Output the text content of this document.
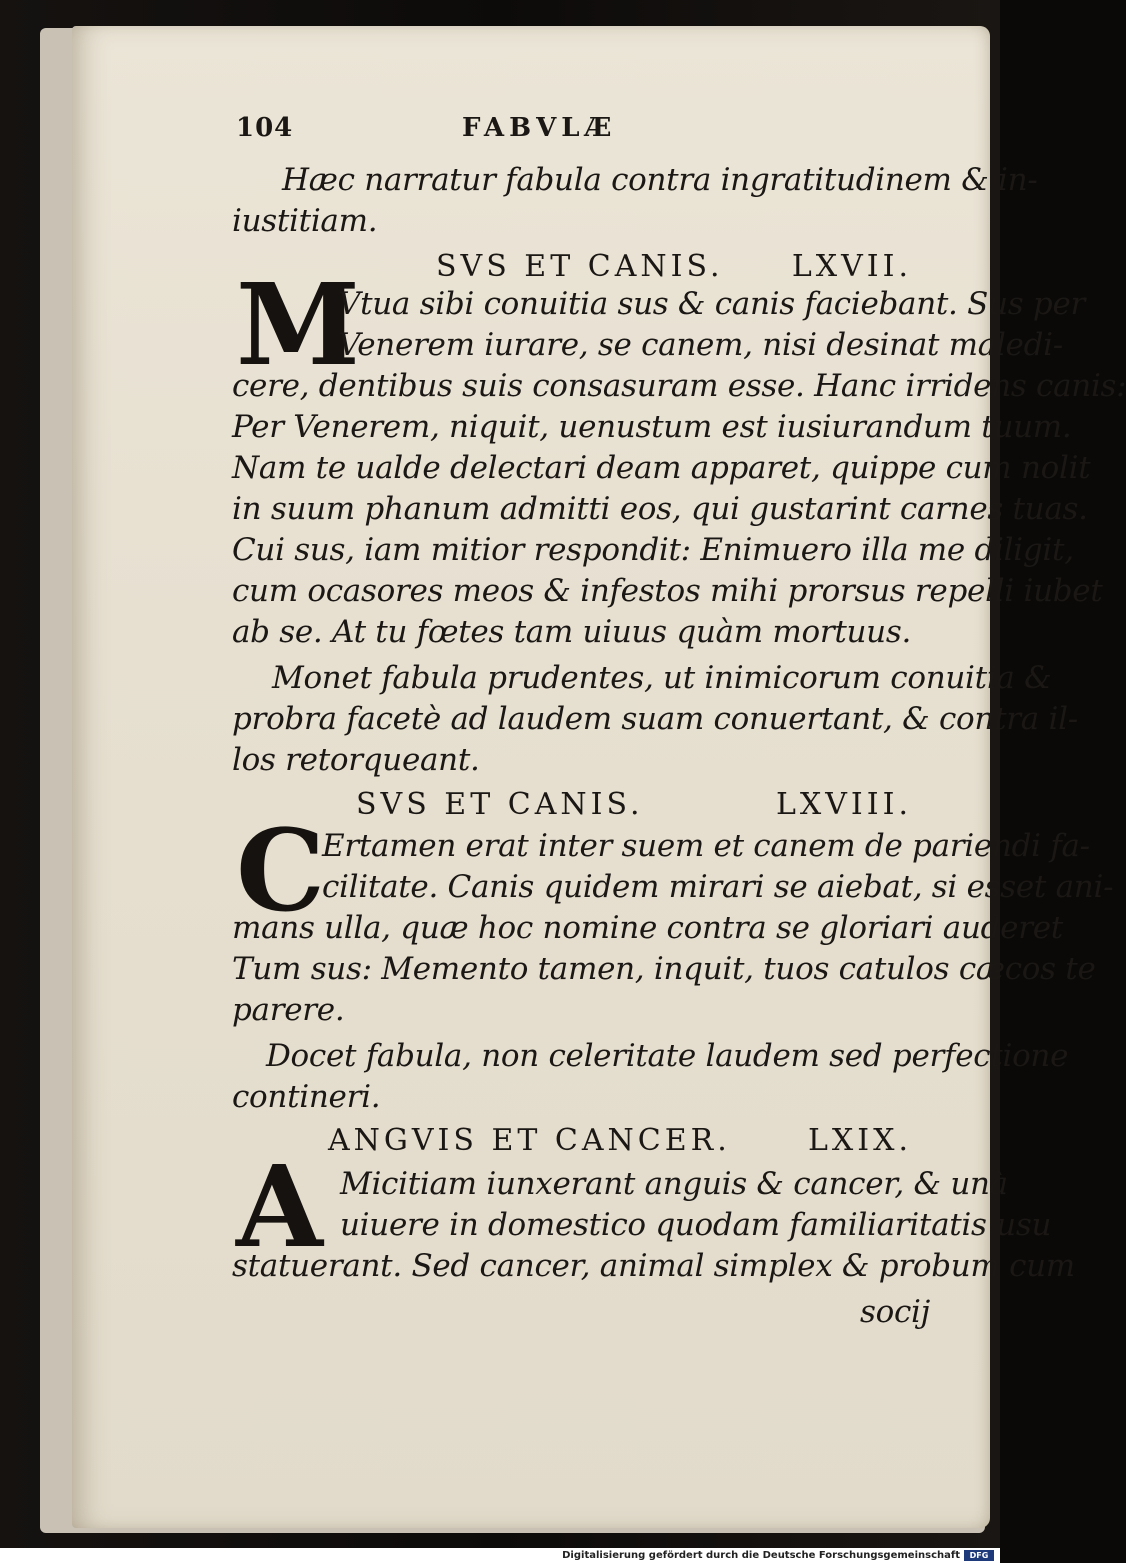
104	FABVLÆ
Hæc narratur fabula contra ingratitudinem & in-
iustitiam.
SVS ET CANIS. LXVII.
M
Vtua sibi conuitia sus & canis faciebant. Sus per
Venerem iurare, se canem, nisi desinat maledi-
cere, dentibus suis consasuram esse. Hanc irridens canis:
Per Venerem, niquit, uenustum est iusiurandum tuum.
Nam te ualde delectari deam apparet, quippe cum nolit
in suum phanum admitti eos, qui gustarint carnes tuas.
Cui sus, iam mitior respondit: Enimuero illa me diligit,
cum ocasores meos & infestos mihi prorsus repelli iubet
ab se. At tu fœtes tam uiuus quàm mortuus.
Monet fabula prudentes, ut inimicorum conuitia &
probra facetè ad laudem suam conuertant, & contra il-
los retorqueant.
SVS ET CANIS.	LXVIII.
C
Ertamen erat inter suem et canem de pariendi fa-
cilitate. Canis quidem mirari se aiebat, si esset ani-
mans ulla, quæ hoc nomine contra se gloriari auderet
Tum sus: Memento tamen, inquit, tuos catulos cæcos te
parere.
Docet fabula, non celeritate laudem sed perfectione
contineri.
ANGVIS ET CANCER.	LXIX.
A Micitiam iunxerant anguis & cancer, & unà
uiuere in domestico quodam familiaritatis usu
statuerant. Sed cancer, animal simplex & probum cum
socij
Digitalisierung gefördert durch die Deutsche Forschungsgemeinschaft	DFG
